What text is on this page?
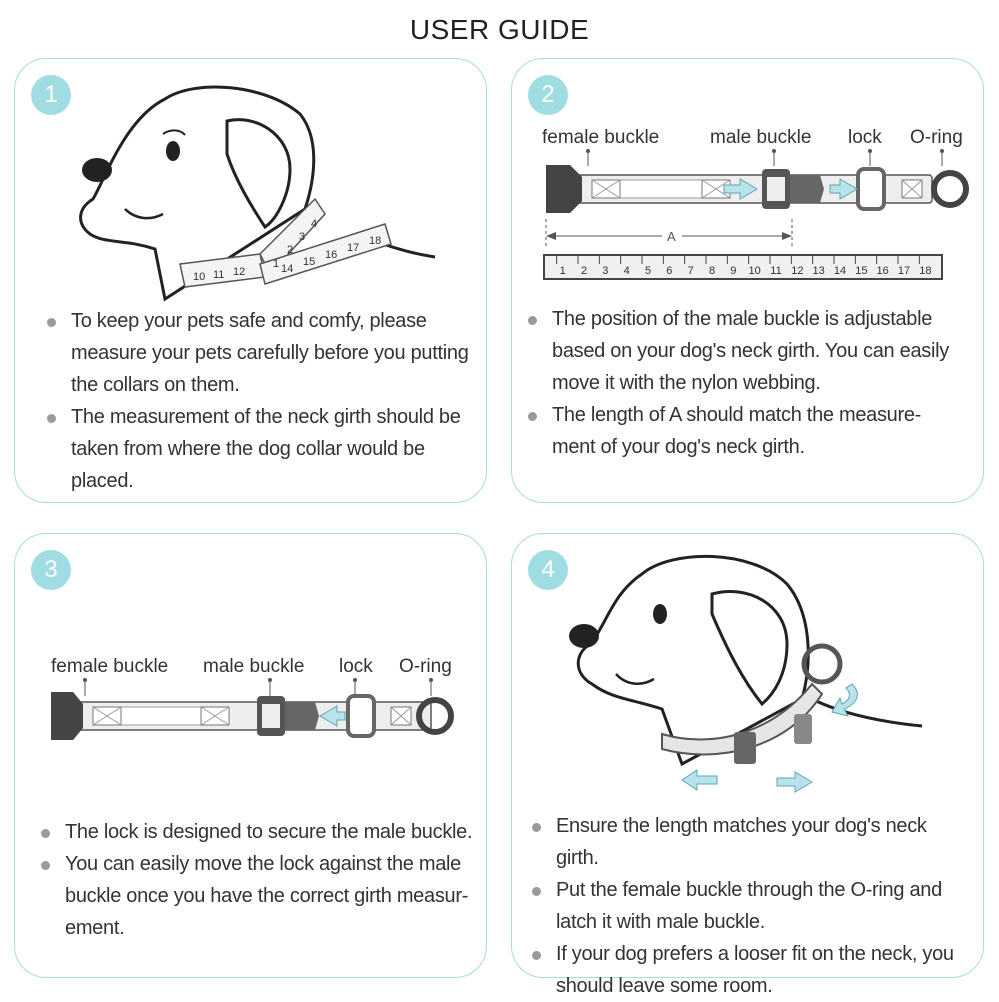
USER GUIDE
1
10 11 12
1
2
3
4
14
15
16
17
18
To keep your pets safe and comfy, please measure your pets carefully before you putting the collars on them.
The measurement of the neck girth should be taken from where the dog collar would be placed.
2
female buckle	male buckle lock O-ring
A
1 2 3 4 5 6 7 8 9 10 11 12 13 14 15 16 17 18
The position of the male buckle is adjustable based on your dog's neck girth. You can easily move it with the nylon webbing.
The length of A should match the measure-ment of your dog's neck girth.
3
female buckle male buckle lock O-ring
The lock is designed to secure the male buckle.
You can easily move the lock against the male buckle once you have the correct girth measur-ement.
4
Ensure the length matches your dog's neck girth.
Put the female buckle through the O-ring and latch it with male buckle.
If your dog prefers a looser fit on the neck, you should leave some room.
